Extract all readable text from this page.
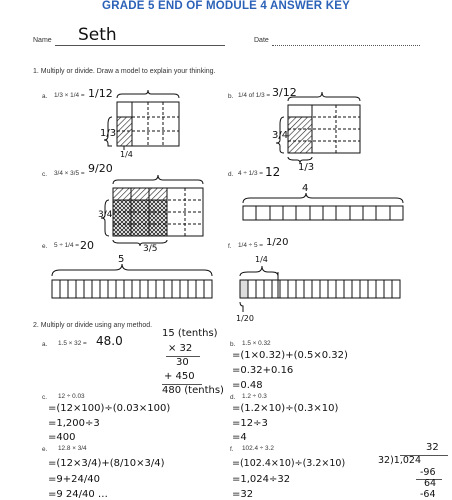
GRADE 5 END OF MODULE 4 ANSWER KEY
Name Seth	Date
1. Multiply or divide. Draw a model to explain your thinking.
a. 1/3 × 1/4 = 1/12
1/3
1/4
b. 1/4 of 1/3 = 3/12
3/4
1/3
c. 3/4 × 3/5 = 9/20
3/4
3/5
d. 4 ÷ 1/3 = 12
4
e. 5 ÷ 1/4 = 20
5
f. 1/4 ÷ 5 = 1/20
1/4
1/20
2. Multiply or divide using any method.
a. 1.5 × 32 = 48.0
15 (tenths)
× 32
30
+ 450
480 (tenths)
b. 1.5 × 0.32
=(1×0.32)+(0.5×0.32)
=0.32+0.16
=0.48
c. 12 ÷ 0.03
=(12×100)÷(0.03×100)
=1,200÷3
=400
d. 1.2 ÷ 0.3
=(1.2×10)÷(0.3×10)
=12÷3
=4
e. 12.8 × 3/4
=(12×3/4)+(8/10×3/4)
=9+24/40
=9 24/40 …
f. 102.4 ÷ 3.2
=(102.4×10)÷(3.2×10)
=1,024÷32
=32
32
32)1,024
-96
64
-64
